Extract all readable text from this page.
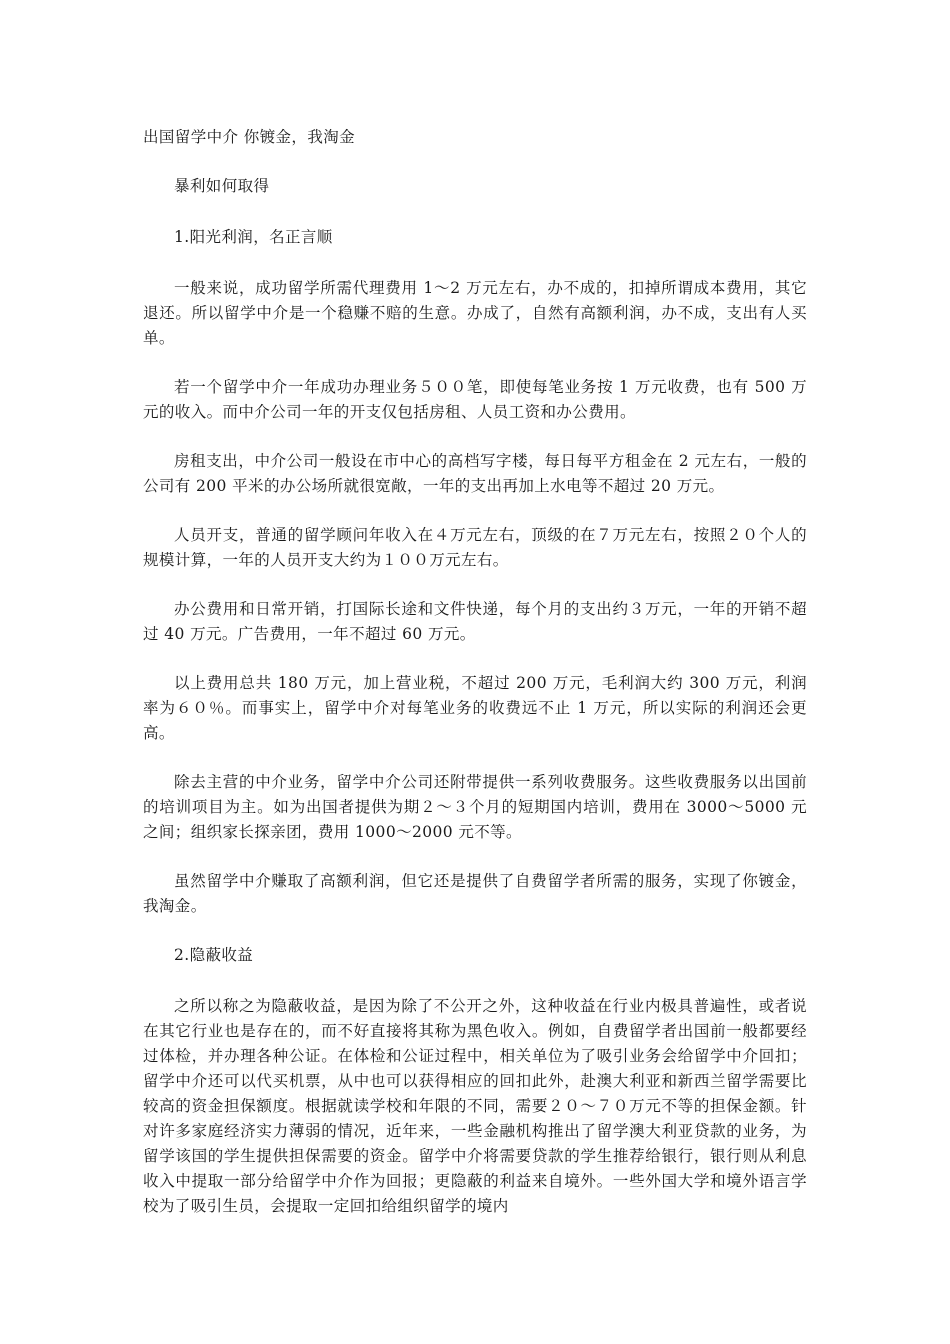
出国留学中介 你镀金，我淘金

暴利如何取得

1.阳光利润，名正言顺

一般来说，成功留学所需代理费用 1～2 万元左右，办不成的，扣掉所谓成本费用，其它退还。所以留学中介是一个稳赚不赔的生意。办成了，自然有高额利润，办不成，支出有人买单。

若一个留学中介一年成功办理业务５００笔，即使每笔业务按 1 万元收费，也有 500 万元的收入。而中介公司一年的开支仅包括房租、人员工资和办公费用。

房租支出，中介公司一般设在市中心的高档写字楼，每日每平方租金在 2 元左右，一般的公司有 200 平米的办公场所就很宽敞，一年的支出再加上水电等不超过 20 万元。

人员开支，普通的留学顾问年收入在４万元左右，顶级的在７万元左右，按照２０个人的规模计算，一年的人员开支大约为１００万元左右。

办公费用和日常开销，打国际长途和文件快递，每个月的支出约３万元，一年的开销不超过 40 万元。广告费用，一年不超过 60 万元。

以上费用总共 180 万元，加上营业税，不超过 200 万元，毛利润大约 300 万元，利润率为６０％。而事实上，留学中介对每笔业务的收费远不止 1 万元，所以实际的利润还会更高。

除去主营的中介业务，留学中介公司还附带提供一系列收费服务。这些收费服务以出国前的培训项目为主。如为出国者提供为期２～３个月的短期国内培训，费用在 3000～5000 元之间；组织家长探亲团，费用 1000～2000 元不等。

虽然留学中介赚取了高额利润，但它还是提供了自费留学者所需的服务，实现了你镀金，我淘金。

2.隐蔽收益

之所以称之为隐蔽收益，是因为除了不公开之外，这种收益在行业内极具普遍性，或者说在其它行业也是存在的，而不好直接将其称为黑色收入。例如，自费留学者出国前一般都要经过体检，并办理各种公证。在体检和公证过程中，相关单位为了吸引业务会给留学中介回扣；留学中介还可以代买机票，从中也可以获得相应的回扣此外，赴澳大利亚和新西兰留学需要比较高的资金担保额度。根据就读学校和年限的不同，需要２０～７０万元不等的担保金额。针对许多家庭经济实力薄弱的情况，近年来，一些金融机构推出了留学澳大利亚贷款的业务，为留学该国的学生提供担保需要的资金。留学中介将需要贷款的学生推荐给银行，银行则从利息收入中提取一部分给留学中介作为回报；更隐蔽的利益来自境外。一些外国大学和境外语言学校为了吸引生员，会提取一定回扣给组织留学的境内
